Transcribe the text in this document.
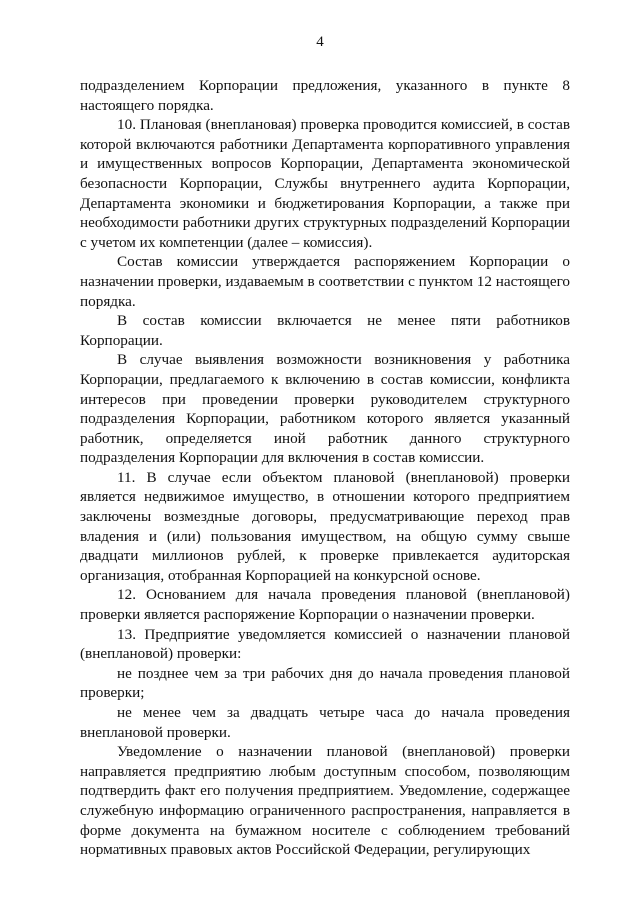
4

подразделением Корпорации предложения, указанного в пункте 8 настоящего порядка.

10. Плановая (внеплановая) проверка проводится комиссией, в состав которой включаются работники Департамента корпоративного управления и имущественных вопросов Корпорации, Департамента экономической безопасности Корпорации, Службы внутреннего аудита Корпорации, Департамента экономики и бюджетирования Корпорации, а также при необходимости работники других структурных подразделений Корпорации с учетом их компетенции (далее – комиссия).

Состав комиссии утверждается распоряжением Корпорации о назначении проверки, издаваемым в соответствии с пунктом 12 настоящего порядка.

В состав комиссии включается не менее пяти работников Корпорации.

В случае выявления возможности возникновения у работника Корпорации, предлагаемого к включению в состав комиссии, конфликта интересов при проведении проверки руководителем структурного подразделения Корпорации, работником которого является указанный работник, определяется иной работник данного структурного подразделения Корпорации для включения в состав комиссии.

11. В случае если объектом плановой (внеплановой) проверки является недвижимое имущество, в отношении которого предприятием заключены возмездные договоры, предусматривающие переход прав владения и (или) пользования имуществом, на общую сумму свыше двадцати миллионов рублей, к проверке привлекается аудиторская организация, отобранная Корпорацией на конкурсной основе.

12. Основанием для начала проведения плановой (внеплановой) проверки является распоряжение Корпорации о назначении проверки.

13. Предприятие уведомляется комиссией о назначении плановой (внеплановой) проверки:

не позднее чем за три рабочих дня до начала проведения плановой проверки;

не менее чем за двадцать четыре часа до начала проведения внеплановой проверки.

Уведомление о назначении плановой (внеплановой) проверки направляется предприятию любым доступным способом, позволяющим подтвердить факт его получения предприятием. Уведомление, содержащее служебную информацию ограниченного распространения, направляется в форме документа на бумажном носителе с соблюдением требований нормативных правовых актов Российской Федерации, регулирующих
